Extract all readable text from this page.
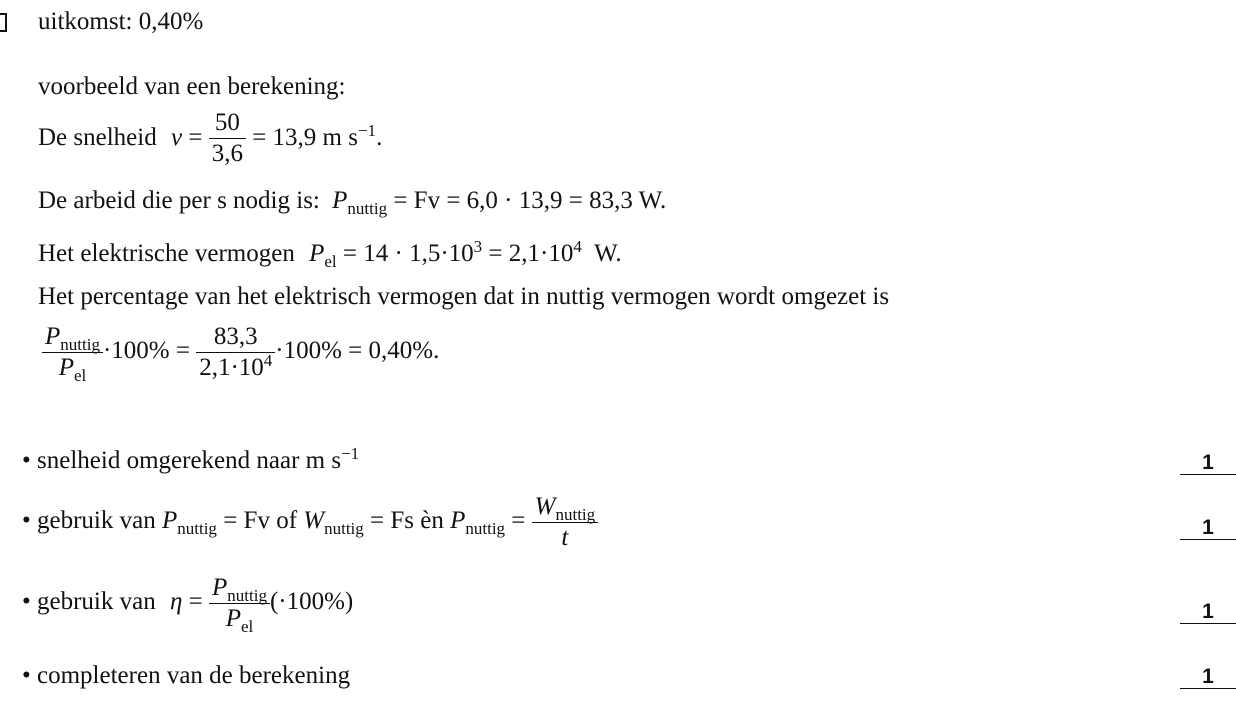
uitkomst: 0,40%
voorbeeld van een berekening:
De snelheid $v = \frac{50}{3,6} = 13,9$ m $s^{-1}$.
De arbeid die per s nodig is: $P_{nuttig} = Fv = 6,0 \cdot 13,9 = 83,3$ W.
Het elektrische vermogen $P_{el} = 14 \cdot 1,5\cdot 10^3 = 2,1\cdot 10^4$ W.
Het percentage van het elektrisch vermogen dat in nuttig vermogen wordt omgezet is
$\frac{P_{nuttig}}{P_{el}} \cdot 100\% = \frac{83,3}{2,1\cdot 10^4} \cdot 100\% = 0,40\%$.
• snelheid omgerekend naar m $s^{-1}$	1
• gebruik van $P_{nuttig} = Fv$ of $W_{nuttig} = Fs$ èn $P_{nuttig} = \frac{W_{nuttig}}{t}$	1
• gebruik van $\eta = \frac{P_{nuttig}}{P_{el}} (\cdot 100\%)$	1
• completeren van de berekening	1
